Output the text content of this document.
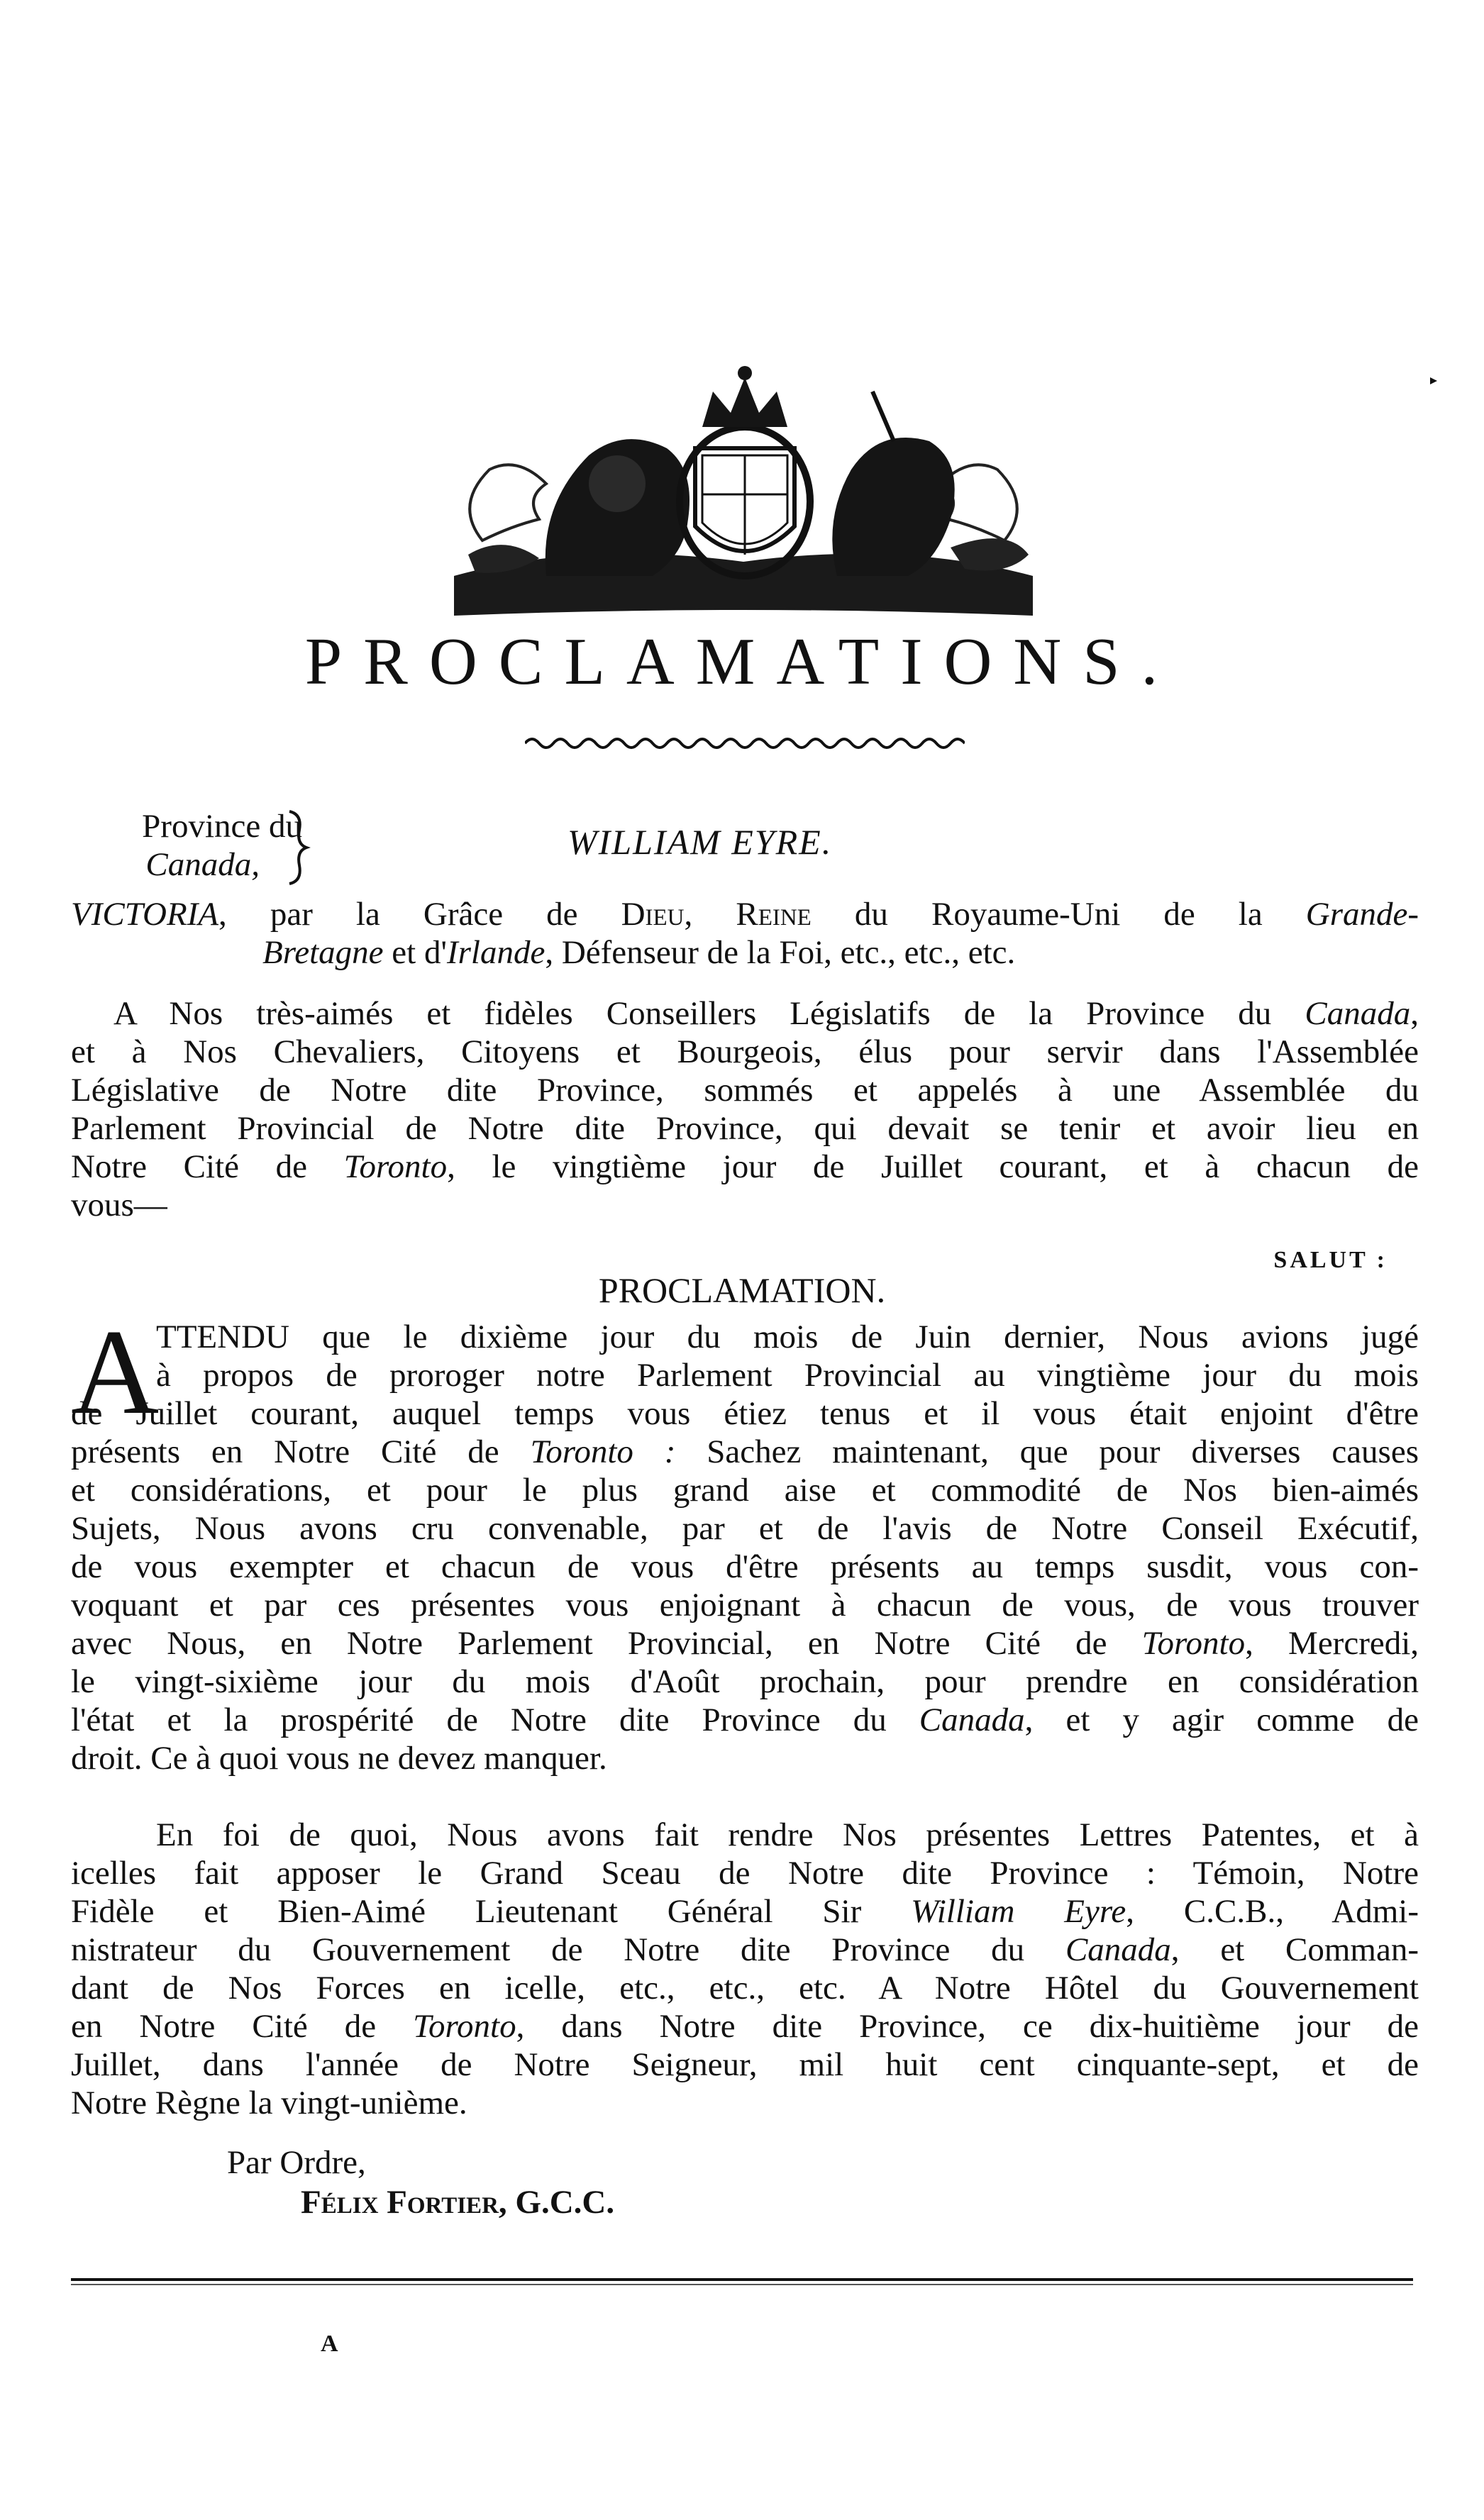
PROCLAMATIONS.
Province du
Canada,
WILLIAM EYRE.
VICTORIA, par la Grâce de Dieu, Reine du Royaume-Uni de la Grande-
Bretagne et d'Irlande, Défenseur de la Foi, etc., etc., etc.
A Nos très-aimés et fidèles Conseillers Législatifs de la Province du Canada,
et à Nos Chevaliers, Citoyens et Bourgeois, élus pour servir dans l'Assemblée
Législative de Notre dite Province, sommés et appelés à une Assemblée du
Parlement Provincial de Notre dite Province, qui devait se tenir et avoir lieu en
Notre Cité de Toronto, le vingtième jour de Juillet courant, et à chacun de
vous—
SALUT :
PROCLAMATION.
A
TTENDU que le dixième jour du mois de Juin dernier, Nous avions jugé
à propos de proroger notre Parlement Provincial au vingtième jour du mois
de Juillet courant, auquel temps vous étiez tenus et il vous était enjoint d'être
présents en Notre Cité de Toronto : Sachez maintenant, que pour diverses causes
et considérations, et pour le plus grand aise et commodité de Nos bien-aimés
Sujets, Nous avons cru convenable, par et de l'avis de Notre Conseil Exécutif,
de vous exempter et chacun de vous d'être présents au temps susdit, vous con-
voquant et par ces présentes vous enjoignant à chacun de vous, de vous trouver
avec Nous, en Notre Parlement Provincial, en Notre Cité de Toronto, Mercredi,
le vingt-sixième jour du mois d'Août prochain, pour prendre en considération
l'état et la prospérité de Notre dite Province du Canada, et y agir comme de
droit. Ce à quoi vous ne devez manquer.
En foi de quoi, Nous avons fait rendre Nos présentes Lettres Patentes, et à
icelles fait apposer le Grand Sceau de Notre dite Province : Témoin, Notre
Fidèle et Bien-Aimé Lieutenant Général Sir William Eyre, C.C.B., Admi-
nistrateur du Gouvernement de Notre dite Province du Canada, et Comman-
dant de Nos Forces en icelle, etc., etc., etc. A Notre Hôtel du Gouvernement
en Notre Cité de Toronto, dans Notre dite Province, ce dix-huitième jour de
Juillet, dans l'année de Notre Seigneur, mil huit cent cinquante-sept, et de
Notre Règne la vingt-unième.
Par Ordre,
Félix Fortier, G.C.C.
A
